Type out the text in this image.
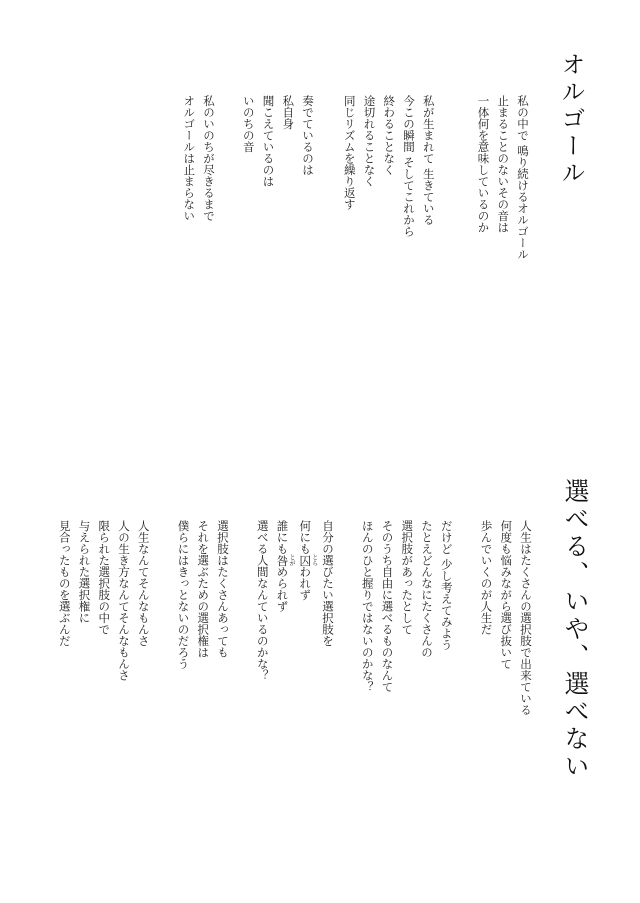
オルゴール
私の中で 鳴り続けるオルゴール
止まることのないその音は
一体何を意味しているのか
私が生まれて 生きている
今この瞬間 そしてこれから
終わることなく
途切れることなく
同じリズムを繰り返す
奏でているのは
私自身
聞こえているのは
いのちの音
私のいのちが尽きるまで
オルゴールは止まらない
選べる、いや、選べない
人生はたくさんの選択肢で出来ている
何度も悩みながら選び抜いて
歩んでいくのが人生だ
だけど 少し考えてみよう
たとえどんなにたくさんの
選択肢があったとして
そのうち自由に選べるものなんて
ほんのひと握りではないのかな？
自分の選びたい選択肢を
何にも囚とらわれず
誰にも咎とがめられず
選べる人間なんているのかな？
選択肢はたくさんあっても
それを選ぶための選択権は
僕らにはきっとないのだろう
人生なんてそんなもんさ
人の生き方なんてそんなもんさ
限られた選択肢の中で
与えられた選択権に
見合ったものを選ぶんだ
